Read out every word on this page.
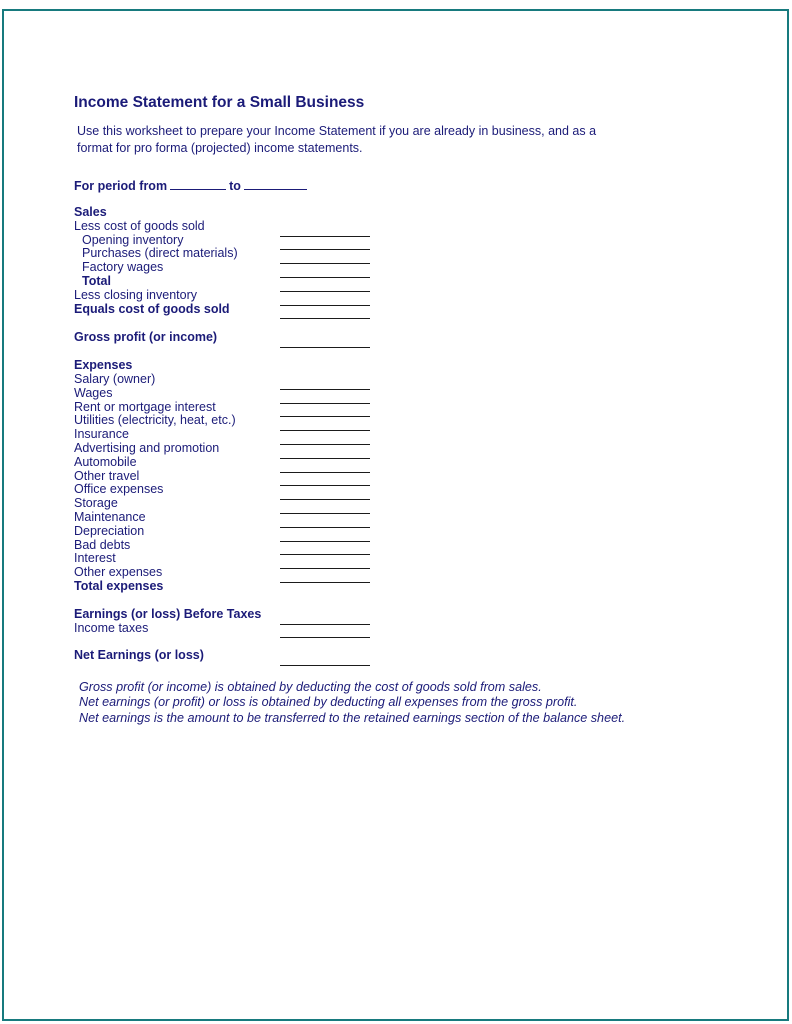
Income Statement for a Small Business
Use this worksheet to prepare your Income Statement if you are already in business, and as a
format for pro forma (projected) income statements.
For period from	to
Sales
Less cost of goods sold
Opening inventory
Purchases (direct materials)
Factory wages
Total
Less closing inventory
Equals cost of goods sold
Gross profit (or income)
Expenses
Salary (owner)
Wages
Rent or mortgage interest
Utilities (electricity, heat, etc.)
Insurance
Advertising and promotion
Automobile
Other travel
Office expenses
Storage
Maintenance
Depreciation
Bad debts
Interest
Other expenses
Total expenses
Earnings (or loss) Before Taxes
Income taxes
Net Earnings (or loss)
Gross profit (or income) is obtained by deducting the cost of goods sold from sales.
Net earnings (or profit) or loss is obtained by deducting all expenses from the gross profit.
Net earnings is the amount to be transferred to the retained earnings section of the balance sheet.
